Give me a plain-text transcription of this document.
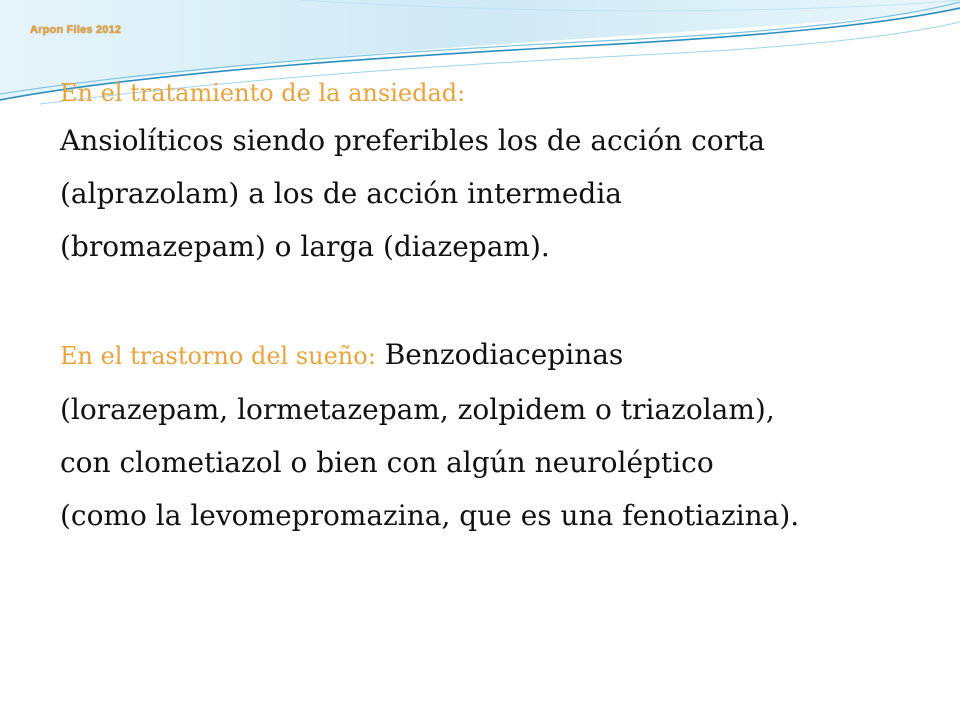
Arpon Files 2012

En el tratamiento de la ansiedad:

Ansiolíticos siendo preferibles los de acción corta
(alprazolam) a los de acción intermedia
(bromazepam) o larga (diazepam).

En el trastorno del sueño: Benzodiacepinas
(lorazepam, lormetazepam, zolpidem o triazolam),
con clometiazol o bien con algún neuroléptico
(como la levomepromazina, que es una fenotiazina).
